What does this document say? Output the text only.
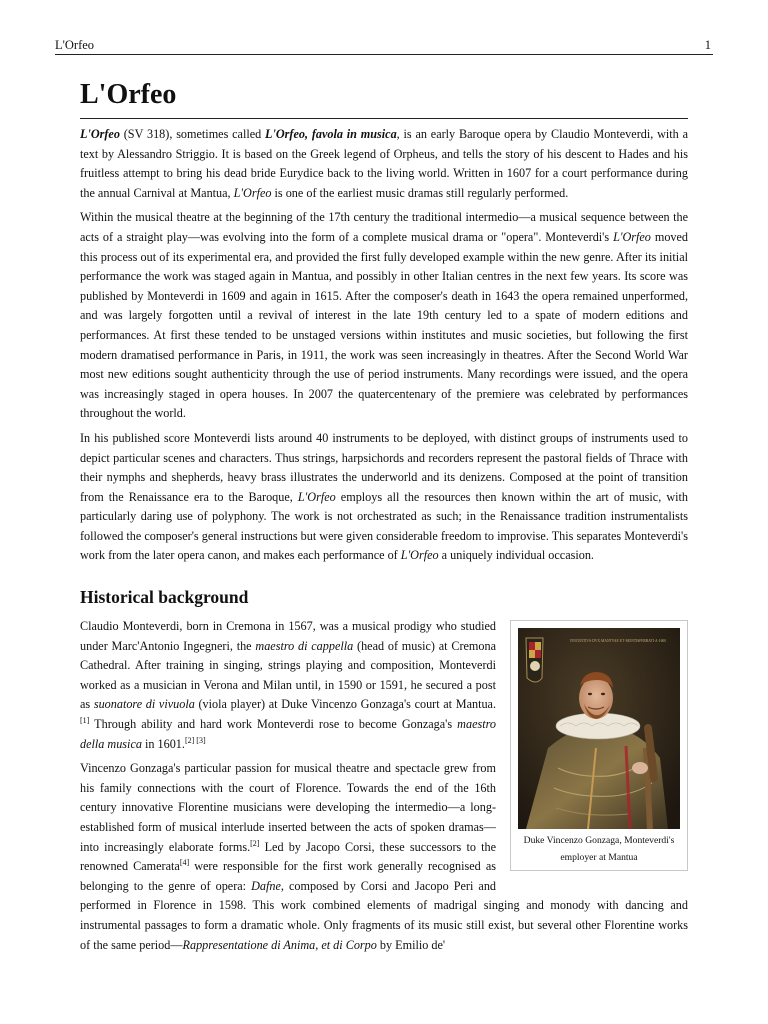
L'Orfeo	1
L'Orfeo

L'Orfeo (SV 318), sometimes called L'Orfeo, favola in musica, is an early Baroque opera by Claudio Monteverdi, with a text by Alessandro Striggio. It is based on the Greek legend of Orpheus, and tells the story of his descent to Hades and his fruitless attempt to bring his dead bride Eurydice back to the living world. Written in 1607 for a court performance during the annual Carnival at Mantua, L'Orfeo is one of the earliest music dramas still regularly performed.

Within the musical theatre at the beginning of the 17th century the traditional intermedio—a musical sequence between the acts of a straight play—was evolving into the form of a complete musical drama or "opera". Monteverdi's L'Orfeo moved this process out of its experimental era, and provided the first fully developed example within the new genre. After its initial performance the work was staged again in Mantua, and possibly in other Italian centres in the next few years. Its score was published by Monteverdi in 1609 and again in 1615. After the composer's death in 1643 the opera remained unperformed, and was largely forgotten until a revival of interest in the late 19th century led to a spate of modern editions and performances. At first these tended to be unstaged versions within institutes and music societies, but following the first modern dramatised performance in Paris, in 1911, the work was seen increasingly in theatres. After the Second World War most new editions sought authenticity through the use of period instruments. Many recordings were issued, and the opera was increasingly staged in opera houses. In 2007 the quatercentenary of the premiere was celebrated by performances throughout the world.

In his published score Monteverdi lists around 40 instruments to be deployed, with distinct groups of instruments used to depict particular scenes and characters. Thus strings, harpsichords and recorders represent the pastoral fields of Thrace with their nymphs and shepherds, heavy brass illustrates the underworld and its denizens. Composed at the point of transition from the Renaissance era to the Baroque, L'Orfeo employs all the resources then known within the art of music, with particularly daring use of polyphony. The work is not orchestrated as such; in the Renaissance tradition instrumentalists followed the composer's general instructions but were given considerable freedom to improvise. This separates Monteverdi's work from the later opera canon, and makes each performance of L'Orfeo a uniquely individual occasion.

Historical background
VINCENTIVS·DVX·MANTVAE·ET·MONTISFERRATI·A·1600
Duke Vincenzo Gonzaga, Monteverdi's employer at Mantua

Claudio Monteverdi, born in Cremona in 1567, was a musical prodigy who studied under Marc'Antonio Ingegneri, the maestro di cappella (head of music) at Cremona Cathedral. After training in singing, strings playing and composition, Monteverdi worked as a musician in Verona and Milan until, in 1590 or 1591, he secured a post as suonatore di vivuola (viola player) at Duke Vincenzo Gonzaga's court at Mantua.[1] Through ability and hard work Monteverdi rose to become Gonzaga's maestro della musica in 1601.[2] [3]

Vincenzo Gonzaga's particular passion for musical theatre and spectacle grew from his family connections with the court of Florence. Towards the end of the 16th century innovative Florentine musicians were developing the intermedio—a long-established form of musical interlude inserted between the acts of spoken dramas—into increasingly elaborate forms.[2] Led by Jacopo Corsi, these successors to the renowned Camerata[4] were responsible for the first work generally recognised as belonging to the genre of opera: Dafne, composed by Corsi and Jacopo Peri and performed in Florence in 1598. This work combined elements of madrigal singing and monody with dancing and instrumental passages to form a dramatic whole. Only fragments of its music still exist, but several other Florentine works of the same period—Rappresentatione di Anima, et di Corpo by Emilio de'
